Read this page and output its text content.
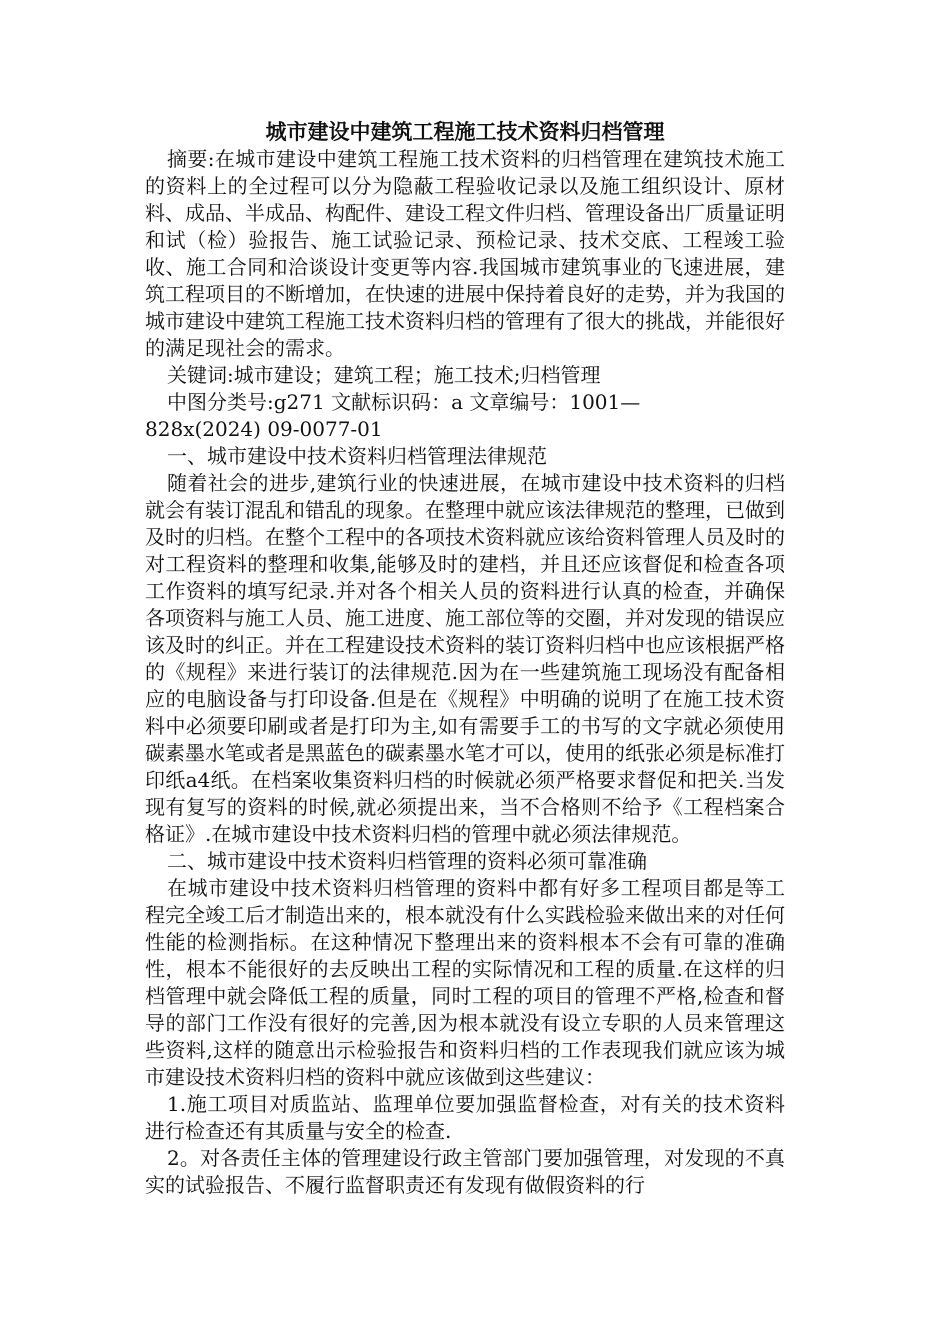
城市建设中建筑工程施工技术资料归档管理

摘要:在城市建设中建筑工程施工技术资料的归档管理在建筑技术施工的资料上的全过程可以分为隐蔽工程验收记录以及施工组织设计、原材料、成品、半成品、构配件、建设工程文件归档、管理设备出厂质量证明和试（检）验报告、施工试验记录、预检记录、技术交底、工程竣工验收、施工合同和洽谈设计变更等内容.我国城市建筑事业的飞速进展，建筑工程项目的不断增加，在快速的进展中保持着良好的走势，并为我国的城市建设中建筑工程施工技术资料归档的管理有了很大的挑战，并能很好的满足现社会的需求。

关键词:城市建设；建筑工程；施工技术;归档管理

中图分类号:g271 文献标识码：a 文章编号：1001—

828x(2024) 09-0077-01

一、城市建设中技术资料归档管理法律规范

随着社会的进步,建筑行业的快速进展，在城市建设中技术资料的归档就会有装订混乱和错乱的现象。在整理中就应该法律规范的整理，已做到及时的归档。在整个工程中的各项技术资料就应该给资料管理人员及时的对工程资料的整理和收集,能够及时的建档，并且还应该督促和检查各项工作资料的填写纪录.并对各个相关人员的资料进行认真的检查，并确保各项资料与施工人员、施工进度、施工部位等的交圈，并对发现的错误应该及时的纠正。并在工程建设技术资料的装订资料归档中也应该根据严格的《规程》来进行装订的法律规范.因为在一些建筑施工现场没有配备相应的电脑设备与打印设备.但是在《规程》中明确的说明了在施工技术资料中必须要印刷或者是打印为主,如有需要手工的书写的文字就必须使用碳素墨水笔或者是黑蓝色的碳素墨水笔才可以，使用的纸张必须是标准打印纸a4纸。在档案收集资料归档的时候就必须严格要求督促和把关.当发现有复写的资料的时候,就必须提出来，当不合格则不给予《工程档案合格证》.在城市建设中技术资料归档的管理中就必须法律规范。

二、城市建设中技术资料归档管理的资料必须可靠准确

在城市建设中技术资料归档管理的资料中都有好多工程项目都是等工程完全竣工后才制造出来的，根本就没有什么实践检验来做出来的对任何性能的检测指标。在这种情况下整理出来的资料根本不会有可靠的准确性，根本不能很好的去反映出工程的实际情况和工程的质量.在这样的归档管理中就会降低工程的质量，同时工程的项目的管理不严格,检查和督导的部门工作没有很好的完善,因为根本就没有设立专职的人员来管理这些资料,这样的随意出示检验报告和资料归档的工作表现我们就应该为城市建设技术资料归档的资料中就应该做到这些建议：

1.施工项目对质监站、监理单位要加强监督检查，对有关的技术资料进行检查还有其质量与安全的检查.

2。对各责任主体的管理建设行政主管部门要加强管理，对发现的不真实的试验报告、不履行监督职责还有发现有做假资料的行
